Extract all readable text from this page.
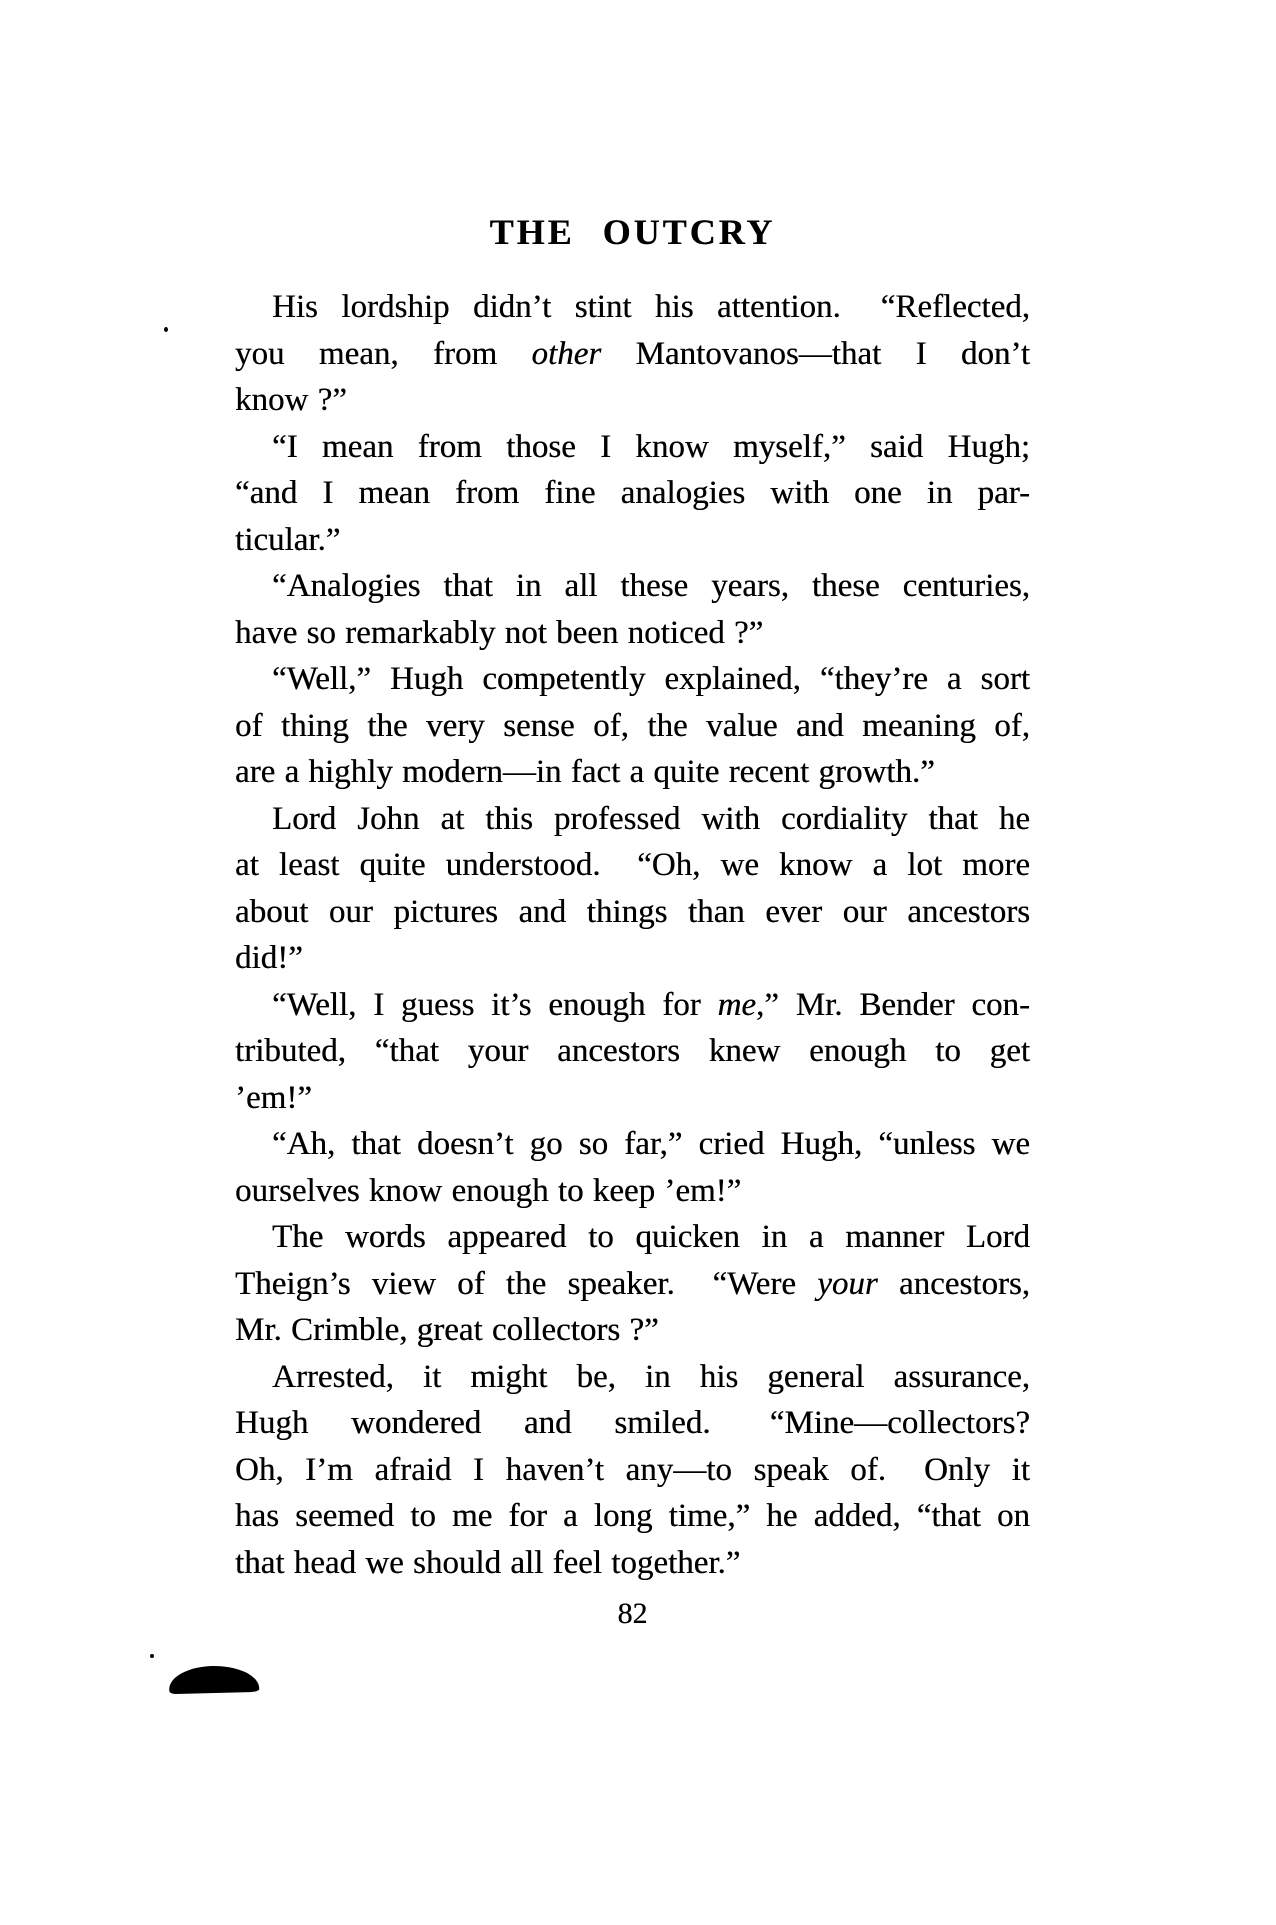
THE OUTCRY
His lordship didn’t stint his attention.  “Reflected,
you mean, from other Mantovanos—that I don’t
know ?”
“I mean from those I know myself,” said Hugh;
“and I mean from fine analogies with one in par-
ticular.”
“Analogies that in all these years, these centuries,
have so remarkably not been noticed ?”
“Well,” Hugh competently explained, “they’re a sort
of thing the very sense of, the value and meaning of,
are a highly modern—in fact a quite recent growth.”
Lord John at this professed with cordiality that he
at least quite understood.  “Oh, we know a lot more
about our pictures and things than ever our ancestors
did!”
“Well, I guess it’s enough for me,” Mr. Bender con-
tributed, “that your ancestors knew enough to get
’em!”
“Ah, that doesn’t go so far,” cried Hugh, “unless we
ourselves know enough to keep ’em!”
The words appeared to quicken in a manner Lord
Theign’s view of the speaker.  “Were your ancestors,
Mr. Crimble, great collectors ?”
Arrested, it might be, in his general assurance,
Hugh wondered and smiled.  “Mine—collectors?
Oh, I’m afraid I haven’t any—to speak of.  Only it
has seemed to me for a long time,” he added, “that on
that head we should all feel together.”
82
